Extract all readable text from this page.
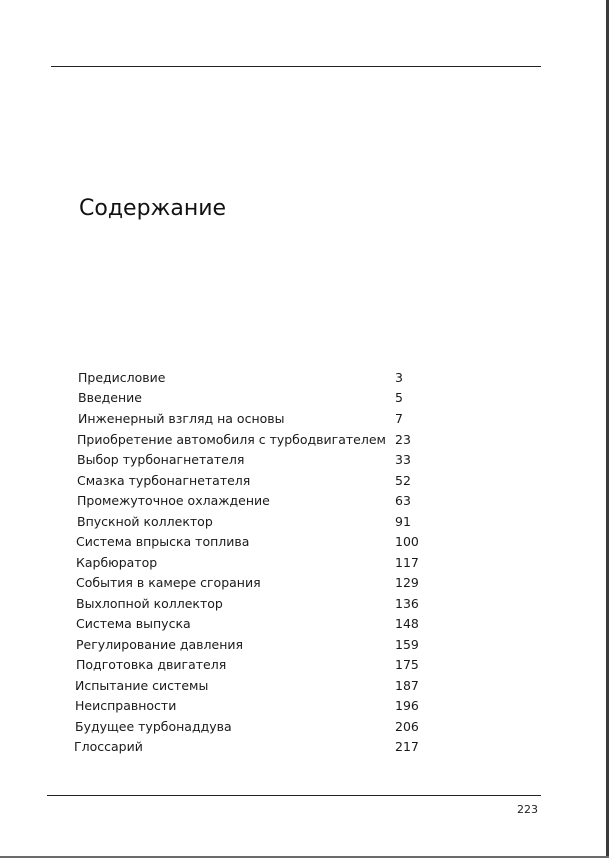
Содержание
Предисловие	3
Введение	5
Инженерный взгляд на основы	7
Приобретение автомобиля с турбодвигателем 23
Выбор турбонагнетателя	33
Смазка турбонагнетателя	52
Промежуточное охлаждение	63
Впускной коллектор	91
Система впрыска топлива	100
Карбюратор	117
События в камере сгорания	129
Выхлопной коллектор	136
Система выпуска	148
Регулирование давления	159
Подготовка двигателя	175
Испытание системы	187
Неисправности	196
Будущее турбонаддува	206
Глоссарий	217
223
